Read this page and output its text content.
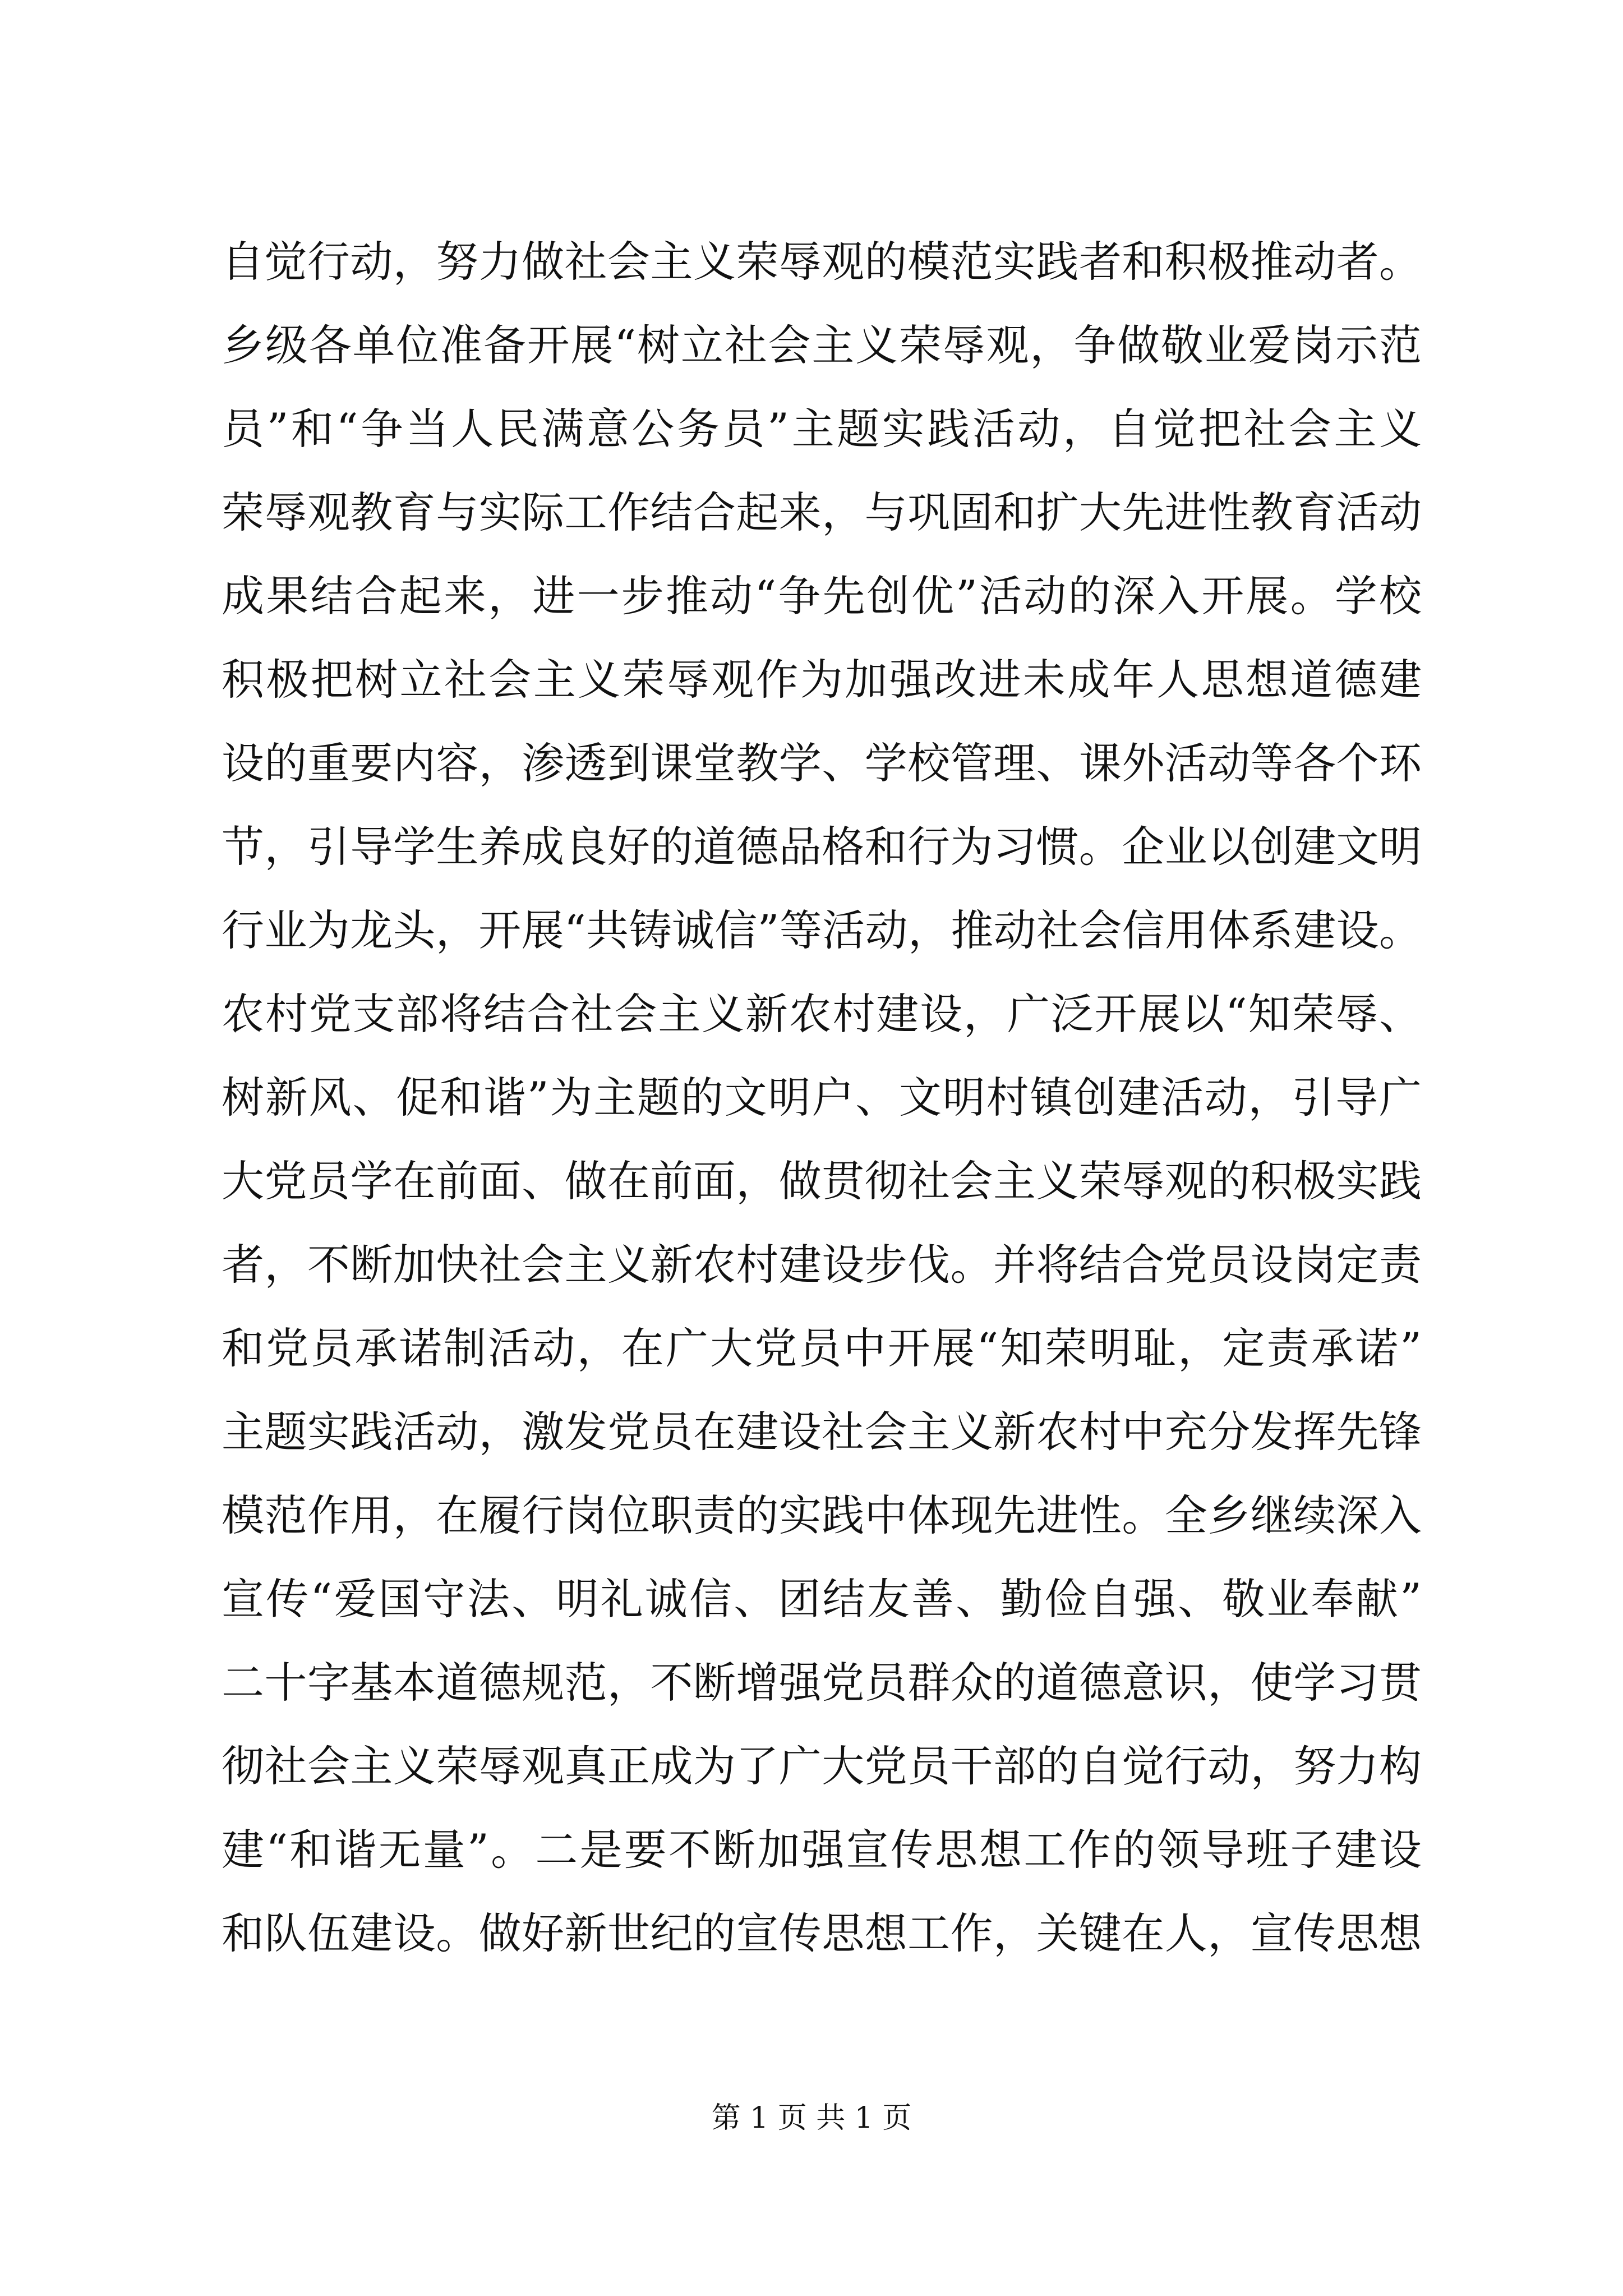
自觉行动，努力做社会主义荣辱观的模范实践者和积极推动者。
乡级各单位准备开展“树立社会主义荣辱观，争做敬业爱岗示范
员”和“争当人民满意公务员”主题实践活动，自觉把社会主义
荣辱观教育与实际工作结合起来，与巩固和扩大先进性教育活动
成果结合起来，进一步推动“争先创优”活动的深入开展。学校
积极把树立社会主义荣辱观作为加强改进未成年人思想道德建
设的重要内容，渗透到课堂教学、学校管理、课外活动等各个环
节，引导学生养成良好的道德品格和行为习惯。企业以创建文明
行业为龙头，开展“共铸诚信”等活动，推动社会信用体系建设。
农村党支部将结合社会主义新农村建设，广泛开展以“知荣辱、
树新风、促和谐”为主题的文明户、文明村镇创建活动，引导广
大党员学在前面、做在前面，做贯彻社会主义荣辱观的积极实践
者，不断加快社会主义新农村建设步伐。并将结合党员设岗定责
和党员承诺制活动，在广大党员中开展“知荣明耻，定责承诺”
主题实践活动，激发党员在建设社会主义新农村中充分发挥先锋
模范作用，在履行岗位职责的实践中体现先进性。全乡继续深入
宣传“爱国守法、明礼诚信、团结友善、勤俭自强、敬业奉献”
二十字基本道德规范，不断增强党员群众的道德意识，使学习贯
彻社会主义荣辱观真正成为了广大党员干部的自觉行动，努力构
建“和谐无量”。二是要不断加强宣传思想工作的领导班子建设
和队伍建设。做好新世纪的宣传思想工作，关键在人，宣传思想
第 1 页 共 1 页
